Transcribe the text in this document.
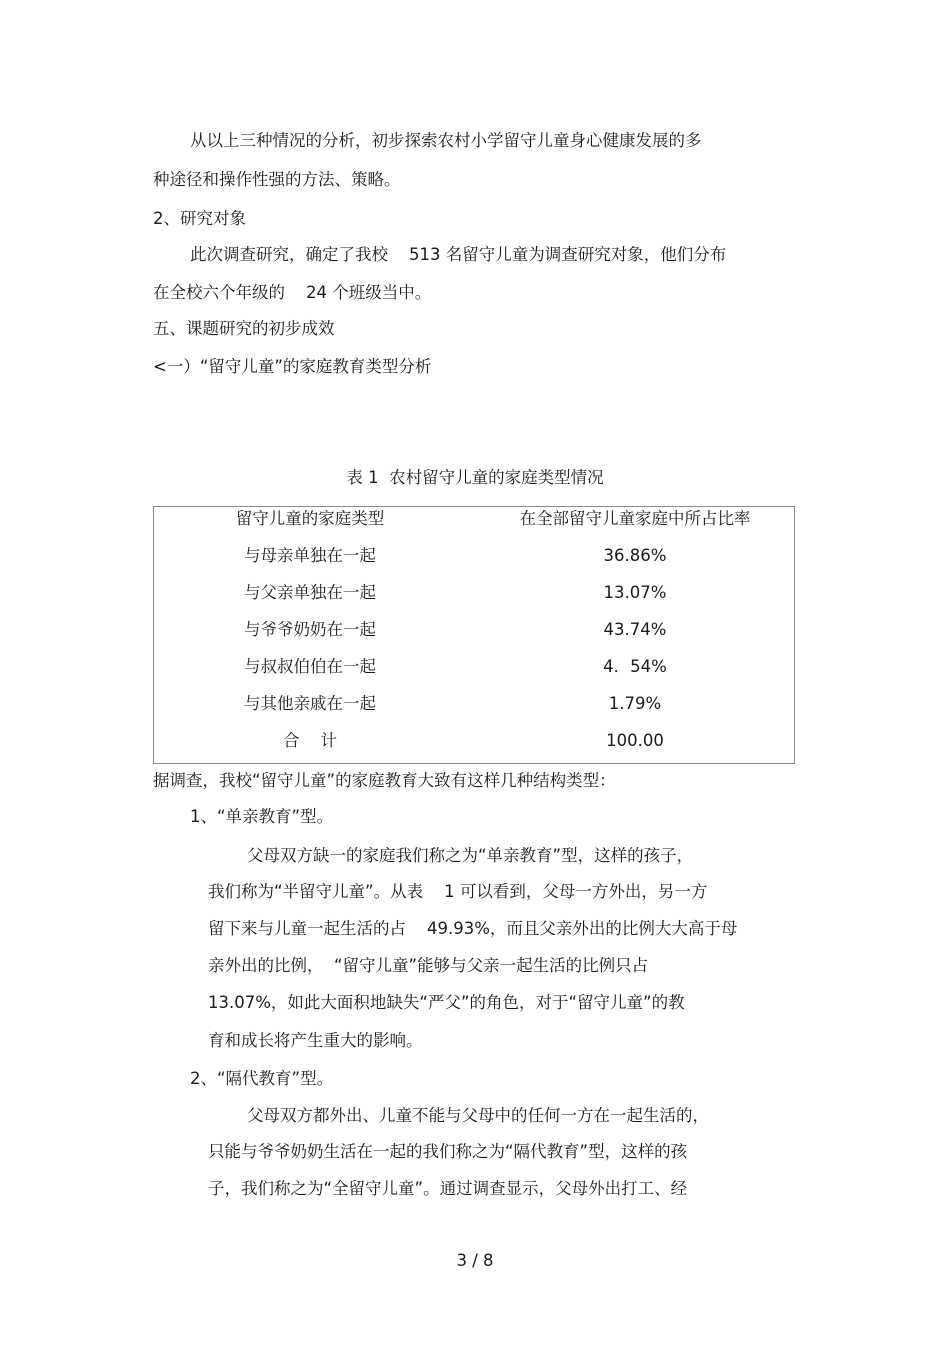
从以上三种情况的分析，初步探索农村小学留守儿童身心健康发展的多
种途径和操作性强的方法、策略。
2、研究对象
此次调查研究，确定了我校    513 名留守儿童为调查研究对象，他们分布
在全校六个年级的    24 个班级当中。
五、课题研究的初步成效
<一）“留守儿童”的家庭教育类型分析
表 1  农村留守儿童的家庭类型情况
留守儿童的家庭类型	在全部留守儿童家庭中所占比率
与母亲单独在一起	36.86%
与父亲单独在一起	13.07%
与爷爷奶奶在一起	43.74%
与叔叔伯伯在一起	4．54%
与其他亲戚在一起	1.79%
合    计	100.00
据调查，我校“留守儿童”的家庭教育大致有这样几种结构类型：
1、“单亲教育”型。
父母双方缺一的家庭我们称之为“单亲教育”型，这样的孩子，
我们称为“半留守儿童”。从表    1 可以看到，父母一方外出，另一方
留下来与儿童一起生活的占    49.93%，而且父亲外出的比例大大高于母
亲外出的比例，  “留守儿童”能够与父亲一起生活的比例只占
13.07%，如此大面积地缺失“严父”的角色，对于“留守儿童”的教
育和成长将产生重大的影响。
2、“隔代教育”型。
父母双方都外出、儿童不能与父母中的任何一方在一起生活的，
只能与爷爷奶奶生活在一起的我们称之为“隔代教育”型，这样的孩
子，我们称之为“全留守儿童”。通过调查显示，父母外出打工、经
3 / 8
